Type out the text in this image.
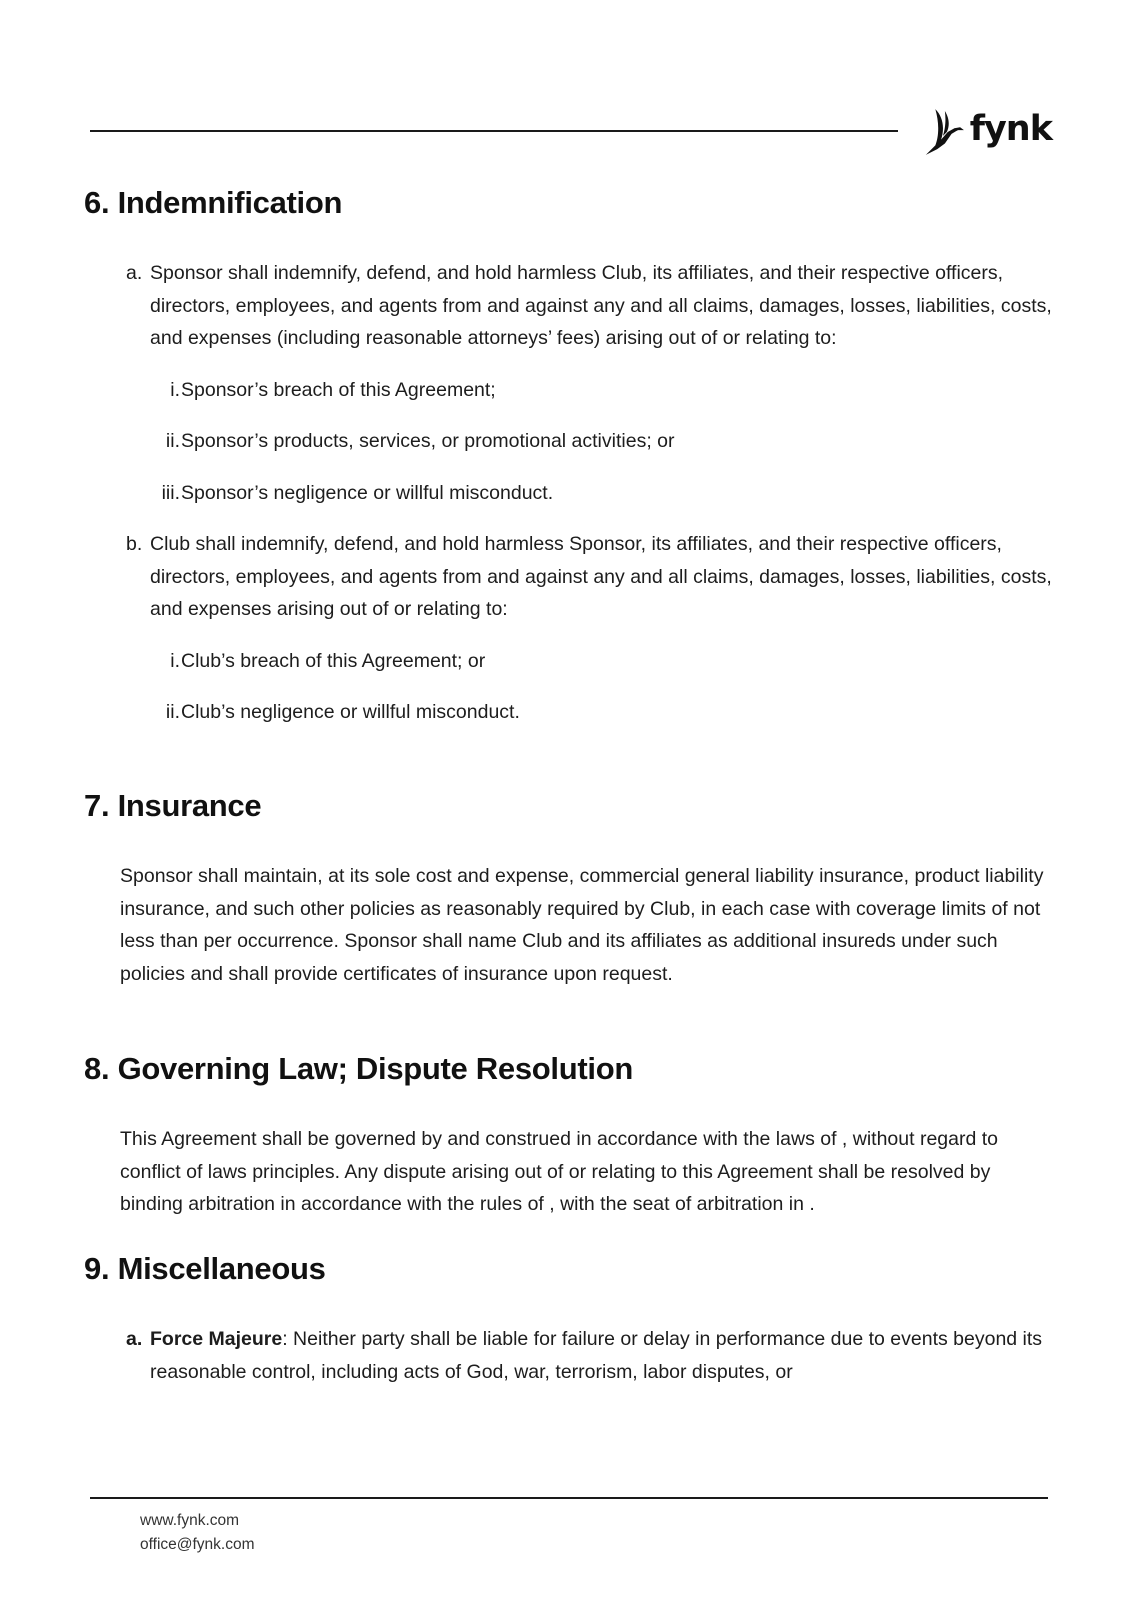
fynk
6. Indemnification
a. Sponsor shall indemnify, defend, and hold harmless Club, its affiliates, and their respective officers, directors, employees, and agents from and against any and all claims, damages, losses, liabilities, costs, and expenses (including reasonable attorneys’ fees) arising out of or relating to:

i. Sponsor’s breach of this Agreement;

ii. Sponsor’s products, services, or promotional activities; or

iii. Sponsor’s negligence or willful misconduct.

b. Club shall indemnify, defend, and hold harmless Sponsor, its affiliates, and their respective officers, directors, employees, and agents from and against any and all claims, damages, losses, liabilities, costs, and expenses arising out of or relating to:

i. Club’s breach of this Agreement; or

ii. Club’s negligence or willful misconduct.

7. Insurance

Sponsor shall maintain, at its sole cost and expense, commercial general liability insurance, product liability insurance, and such other policies as reasonably required by Club, in each case with coverage limits of not less than per occurrence. Sponsor shall name Club and its affiliates as additional insureds under such policies and shall provide certificates of insurance upon request.

8. Governing Law; Dispute Resolution

This Agreement shall be governed by and construed in accordance with the laws of , without regard to conflict of laws principles. Any dispute arising out of or relating to this Agreement shall be resolved by binding arbitration in accordance with the rules of , with the seat of arbitration in .

9. Miscellaneous
a. Force Majeure: Neither party shall be liable for failure or delay in performance due to events beyond its reasonable control, including acts of God, war, terrorism, labor disputes, or

www.fynk.com
office@fynk.com
